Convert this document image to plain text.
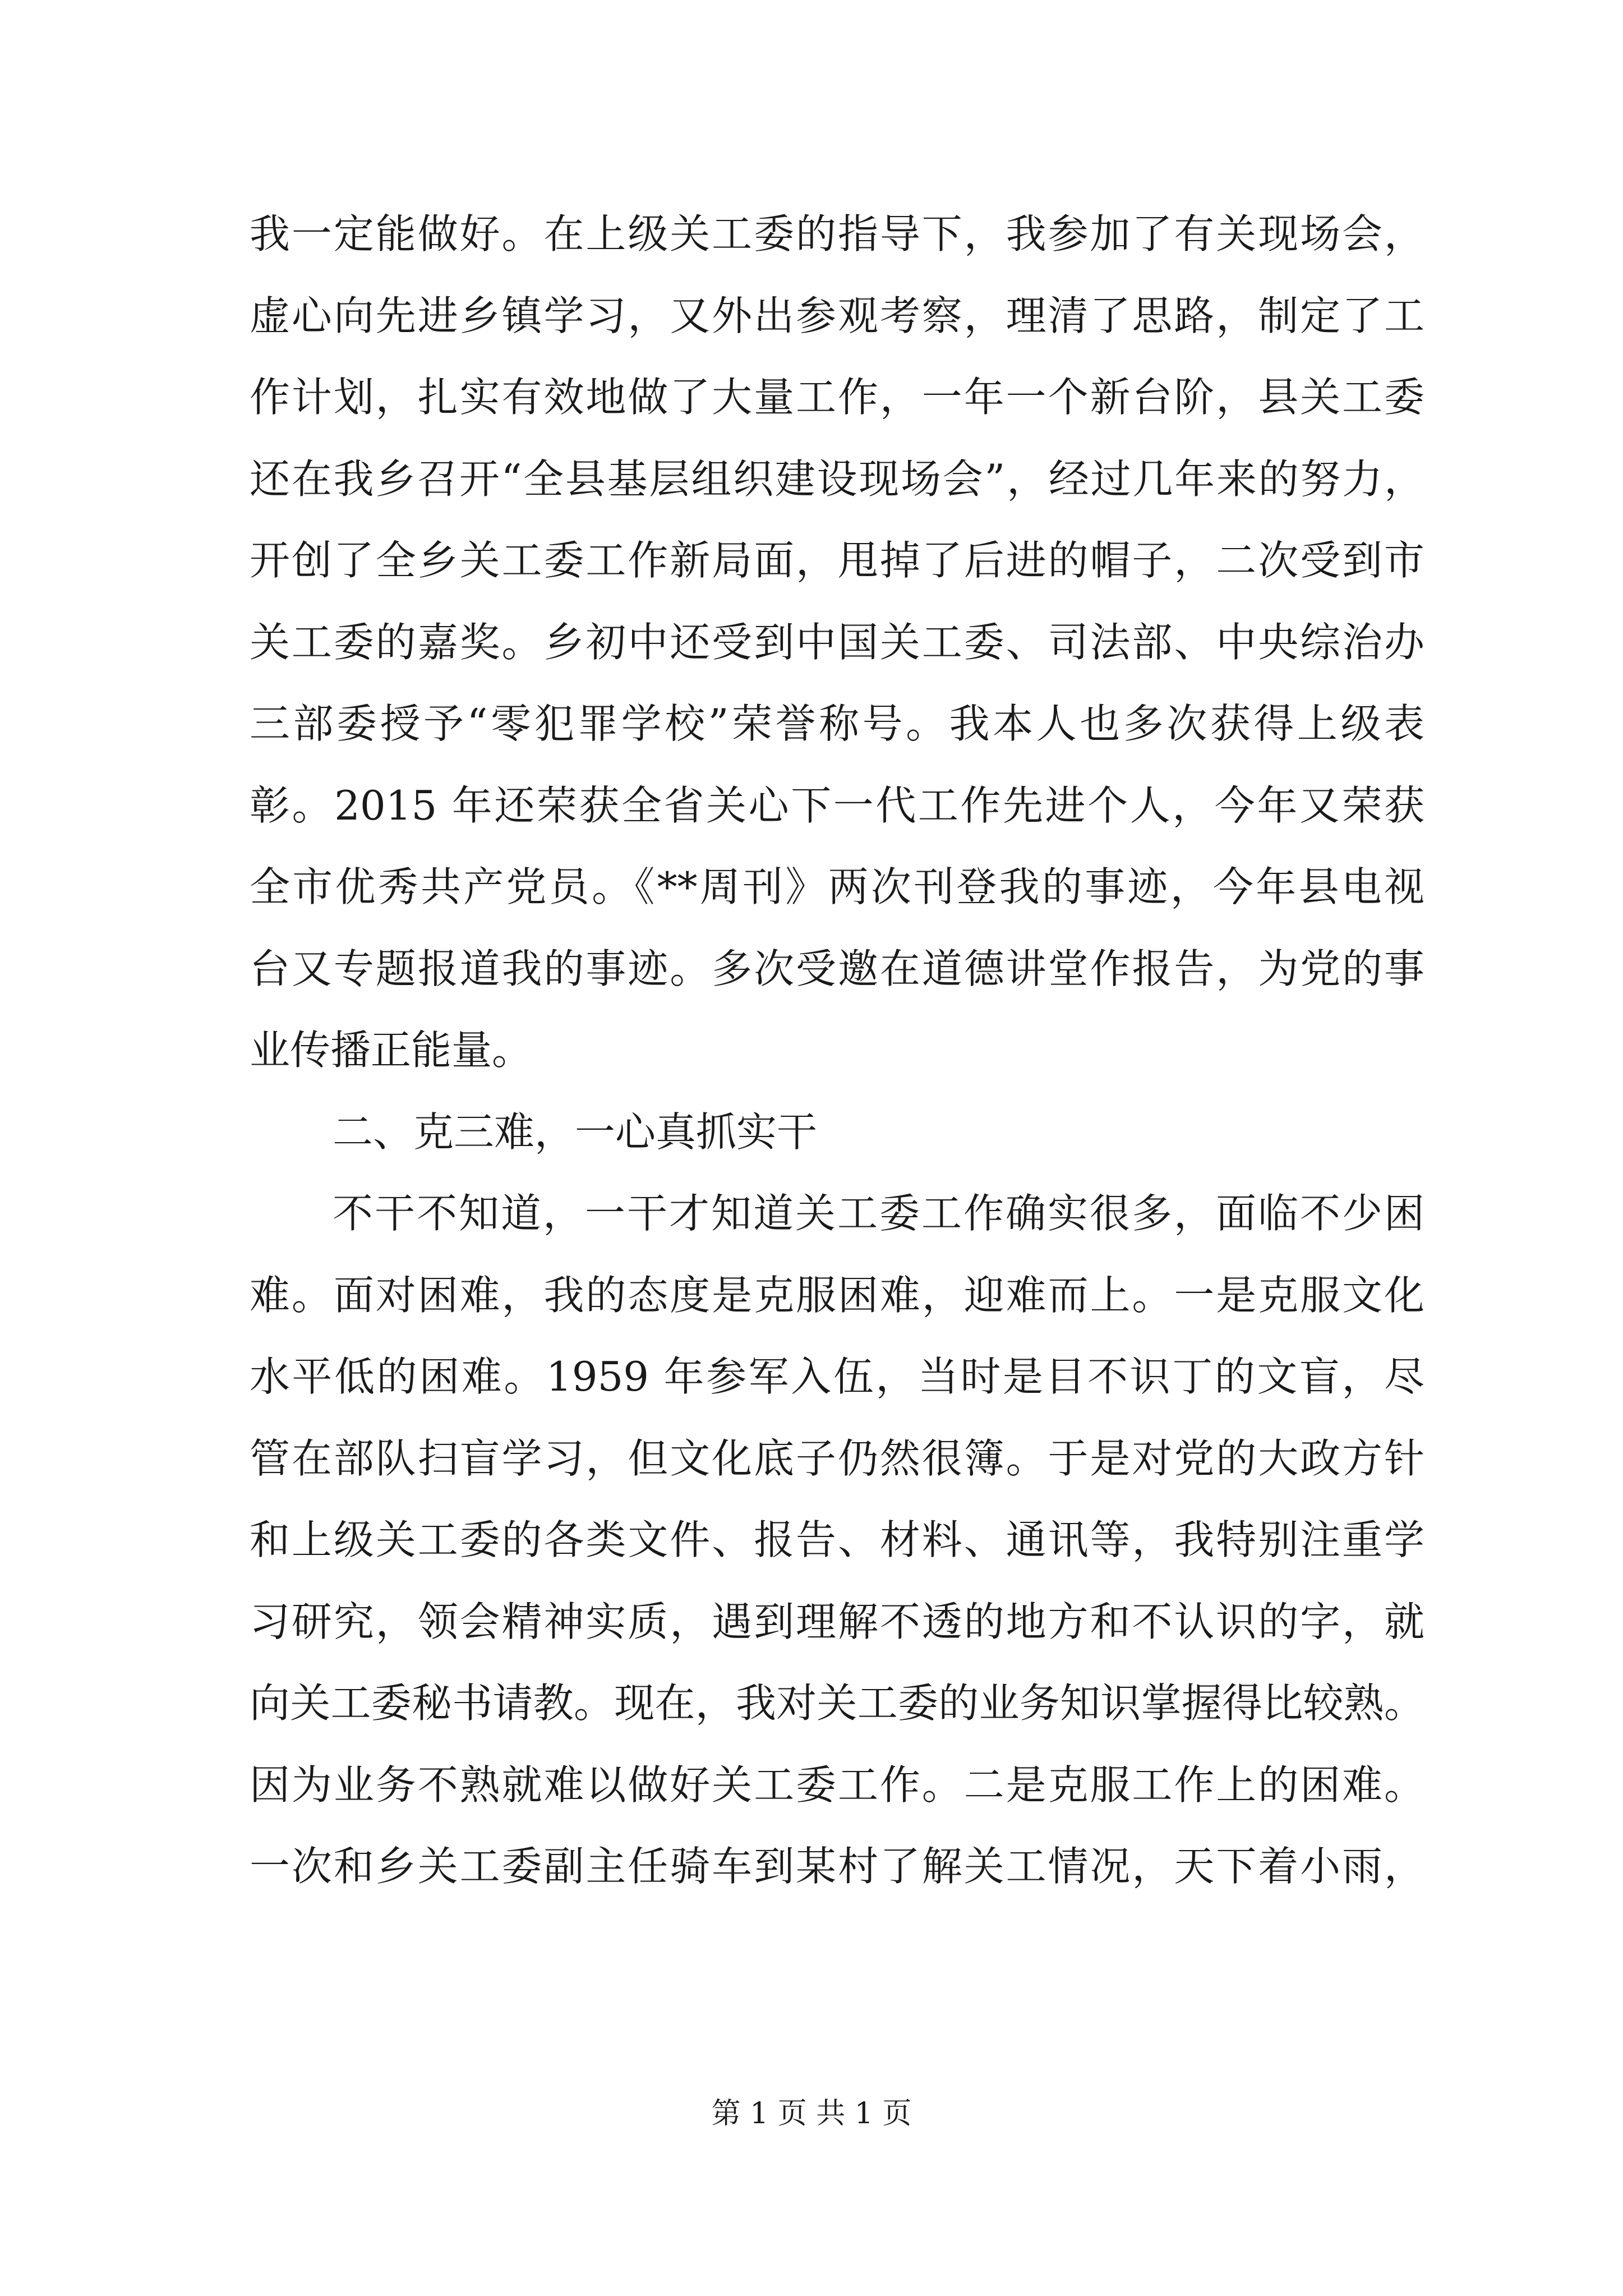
我一定能做好。在上级关工委的指导下，我参加了有关现场会，
虚心向先进乡镇学习，又外出参观考察，理清了思路，制定了工
作计划，扎实有效地做了大量工作，一年一个新台阶，县关工委
还在我乡召开“全县基层组织建设现场会”，经过几年来的努力，
开创了全乡关工委工作新局面，甩掉了后进的帽子，二次受到市
关工委的嘉奖。乡初中还受到中国关工委、司法部、中央综治办
三部委授予“零犯罪学校”荣誉称号。我本人也多次获得上级表
彰。2015 年还荣获全省关心下一代工作先进个人，今年又荣获
全市优秀共产党员。《**周刊》两次刊登我的事迹，今年县电视
台又专题报道我的事迹。多次受邀在道德讲堂作报告，为党的事
业传播正能量。
二、克三难，一心真抓实干
不干不知道，一干才知道关工委工作确实很多，面临不少困
难。面对困难，我的态度是克服困难，迎难而上。一是克服文化
水平低的困难。1959 年参军入伍，当时是目不识丁的文盲，尽
管在部队扫盲学习，但文化底子仍然很簿。于是对党的大政方针
和上级关工委的各类文件、报告、材料、通讯等，我特别注重学
习研究，领会精神实质，遇到理解不透的地方和不认识的字，就
向关工委秘书请教。现在，我对关工委的业务知识掌握得比较熟。
因为业务不熟就难以做好关工委工作。二是克服工作上的困难。
一次和乡关工委副主任骑车到某村了解关工情况，天下着小雨，
第 1 页 共 1 页
